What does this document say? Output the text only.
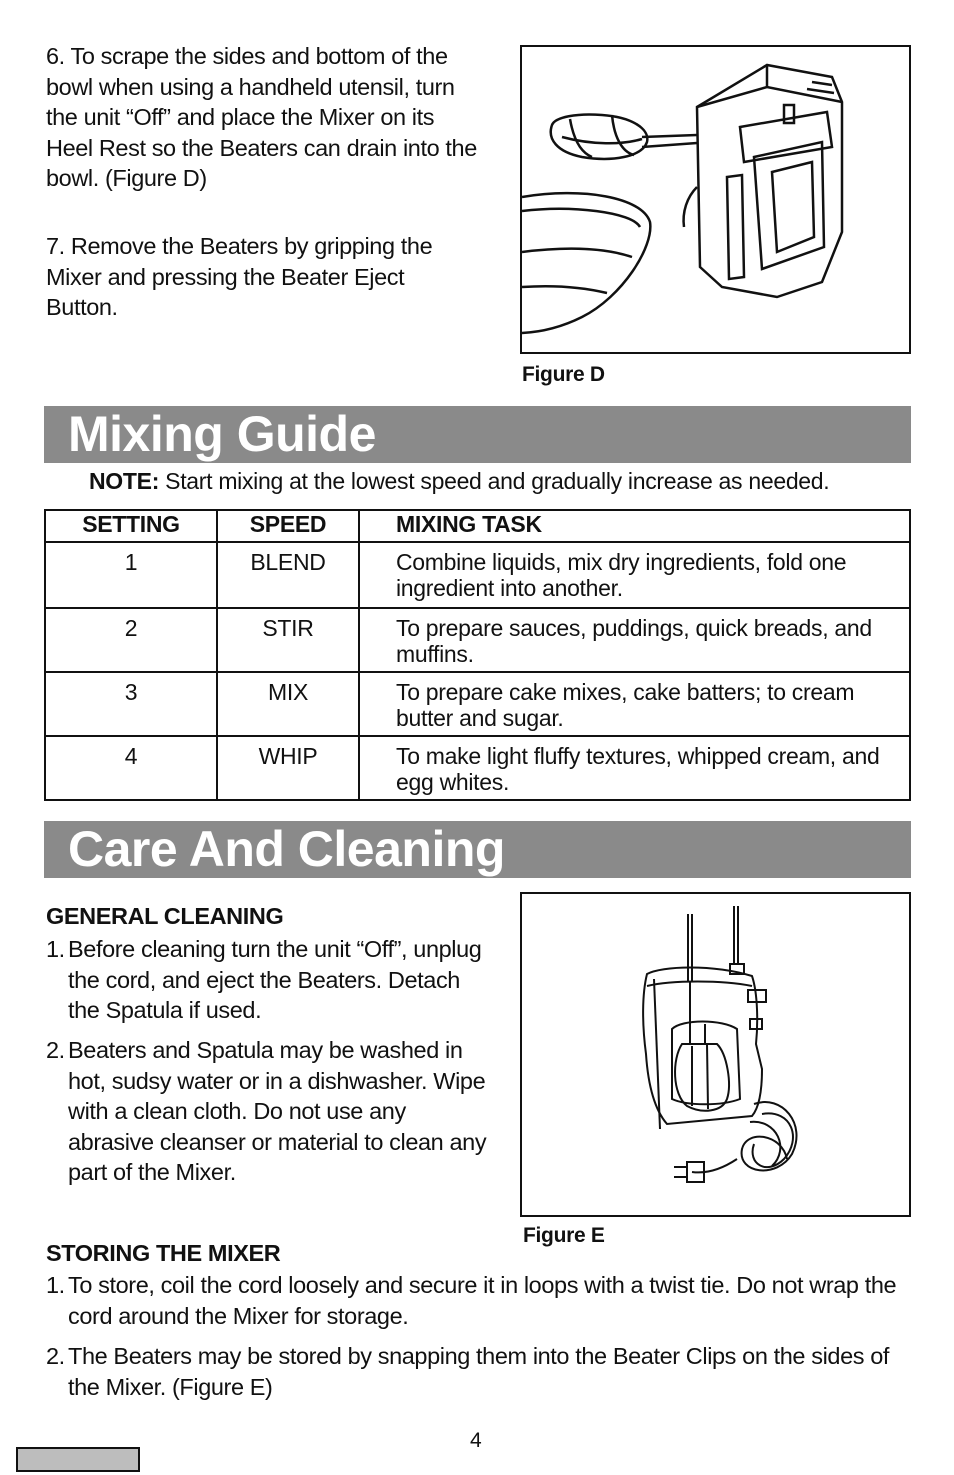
6. To scrape the sides and bottom of the bowl when using a handheld utensil, turn the unit “Off” and place the Mixer on its Heel Rest so the Beaters can drain into the bowl. (Figure D)
7. Remove the Beaters by gripping the Mixer and pressing the Beater Eject Button.
Figure D
Mixing Guide
NOTE: Start mixing at the lowest speed and gradually increase as needed.
SETTING	SPEED	MIXING TASK
1	BLEND	Combine liquids, mix dry ingredients, fold one ingredient into another.
2	STIR	To prepare sauces, puddings, quick breads, and muffins.
3	MIX	To prepare cake mixes, cake batters; to cream butter and sugar.
4	WHIP	To make light fluffy textures, whipped cream, and egg whites.
Care And Cleaning
GENERAL CLEANING
1. Before cleaning turn the unit “Off”, unplug the cord, and eject the Beaters. Detach the Spatula if used.
2. Beaters and Spatula may be washed in hot, sudsy water or in a dishwasher. Wipe with a clean cloth. Do not use any abrasive cleanser or material to clean any part of the Mixer.
Figure E
STORING THE MIXER
1. To store, coil the cord loosely and secure it in loops with a twist tie. Do not wrap the cord around the Mixer for storage.
2. The Beaters may be stored by snapping them into the Beater Clips on the sides of the Mixer. (Figure E)
4
